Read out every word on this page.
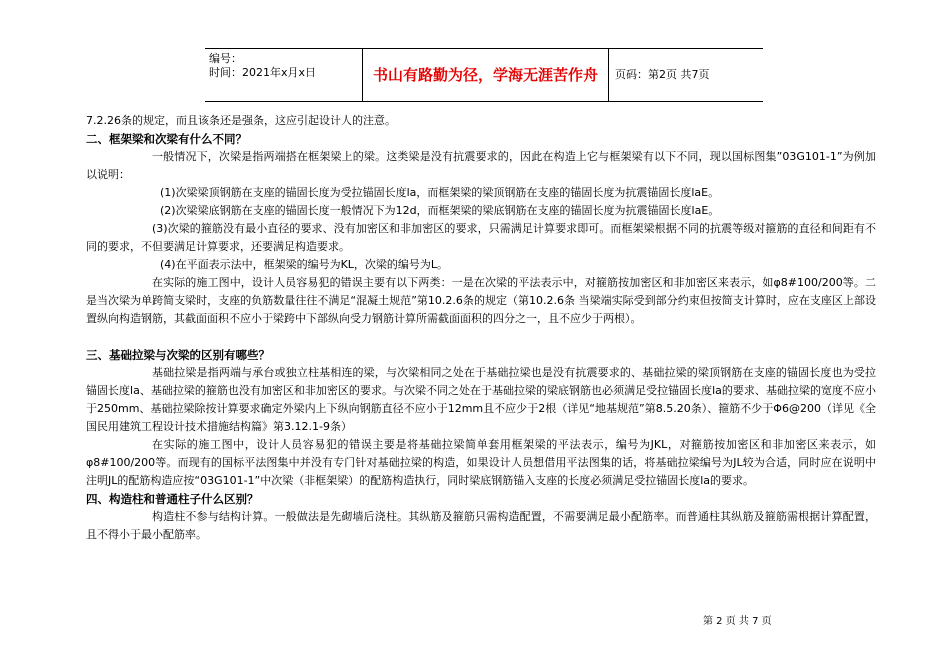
编号：
时间：2021年x月x日	书山有路勤为径，学海无涯苦作舟	页码：第2页 共7页

7.2.26条的规定，而且该条还是强条，这应引起设计人的注意。

二、框架梁和次梁有什么不同？

一般情况下，次梁是指两端搭在框架梁上的梁。这类梁是没有抗震要求的，因此在构造上它与框架梁有以下不同，现以国标图集”03G101-1”为例加以说明：

(1)次梁梁顶钢筋在支座的锚固长度为受拉锚固长度la，而框架梁的梁顶钢筋在支座的锚固长度为抗震锚固长度laE。

(2)次梁梁底钢筋在支座的锚固长度一般情况下为12d，而框架梁的梁底钢筋在支座的锚固长度为抗震锚固长度laE。

(3)次梁的箍筋没有最小直径的要求、没有加密区和非加密区的要求，只需满足计算要求即可。而框架梁根据不同的抗震等级对箍筋的直径和间距有不同的要求，不但要满足计算要求，还要满足构造要求。

(4)在平面表示法中，框架梁的编号为KL，次梁的编号为L。

在实际的施工图中，设计人员容易犯的错误主要有以下两类：一是在次梁的平法表示中，对箍筋按加密区和非加密区来表示，如φ8#100/200等。二是当次梁为单跨简支梁时，支座的负筋数量往往不满足“混凝土规范”第10.2.6条的规定（第10.2.6条 当梁端实际受到部分约束但按简支计算时，应在支座区上部设置纵向构造钢筋，其截面面积不应小于梁跨中下部纵向受力钢筋计算所需截面面积的四分之一，且不应少于两根）。

三、基础拉梁与次梁的区别有哪些？

基础拉梁是指两端与承台或独立柱基相连的梁，与次梁相同之处在于基础拉梁也是没有抗震要求的、基础拉梁的梁顶钢筋在支座的锚固长度也为受拉锚固长度la、基础拉梁的箍筋也没有加密区和非加密区的要求。与次梁不同之处在于基础拉梁的梁底钢筋也必须满足受拉锚固长度la的要求、基础拉梁的宽度不应小于250mm、基础拉梁除按计算要求确定外梁内上下纵向钢筋直径不应小于12mm且不应少于2根（详见“地基规范”第8.5.20条）、箍筋不少于Φ6@200（详见《全国民用建筑工程设计技术措施结构篇》第3.12.1-9条）

在实际的施工图中，设计人员容易犯的错误主要是将基础拉梁简单套用框架梁的平法表示，编号为JKL，对箍筋按加密区和非加密区来表示，如φ8#100/200等。而现有的国标平法图集中并没有专门针对基础拉梁的构造，如果设计人员想借用平法图集的话，将基础拉梁编号为JL较为合适，同时应在说明中注明JL的配筋构造应按“03G101-1”中次梁（非框架梁）的配筋构造执行，同时梁底钢筋锚入支座的长度必须满足受拉锚固长度la的要求。

四、构造柱和普通柱子什么区别？

构造柱不参与结构计算。一般做法是先砌墙后浇柱。其纵筋及箍筋只需构造配置，不需要满足最小配筋率。而普通柱其纵筋及箍筋需根据计算配置，且不得小于最小配筋率。

第 2 页 共 7 页
